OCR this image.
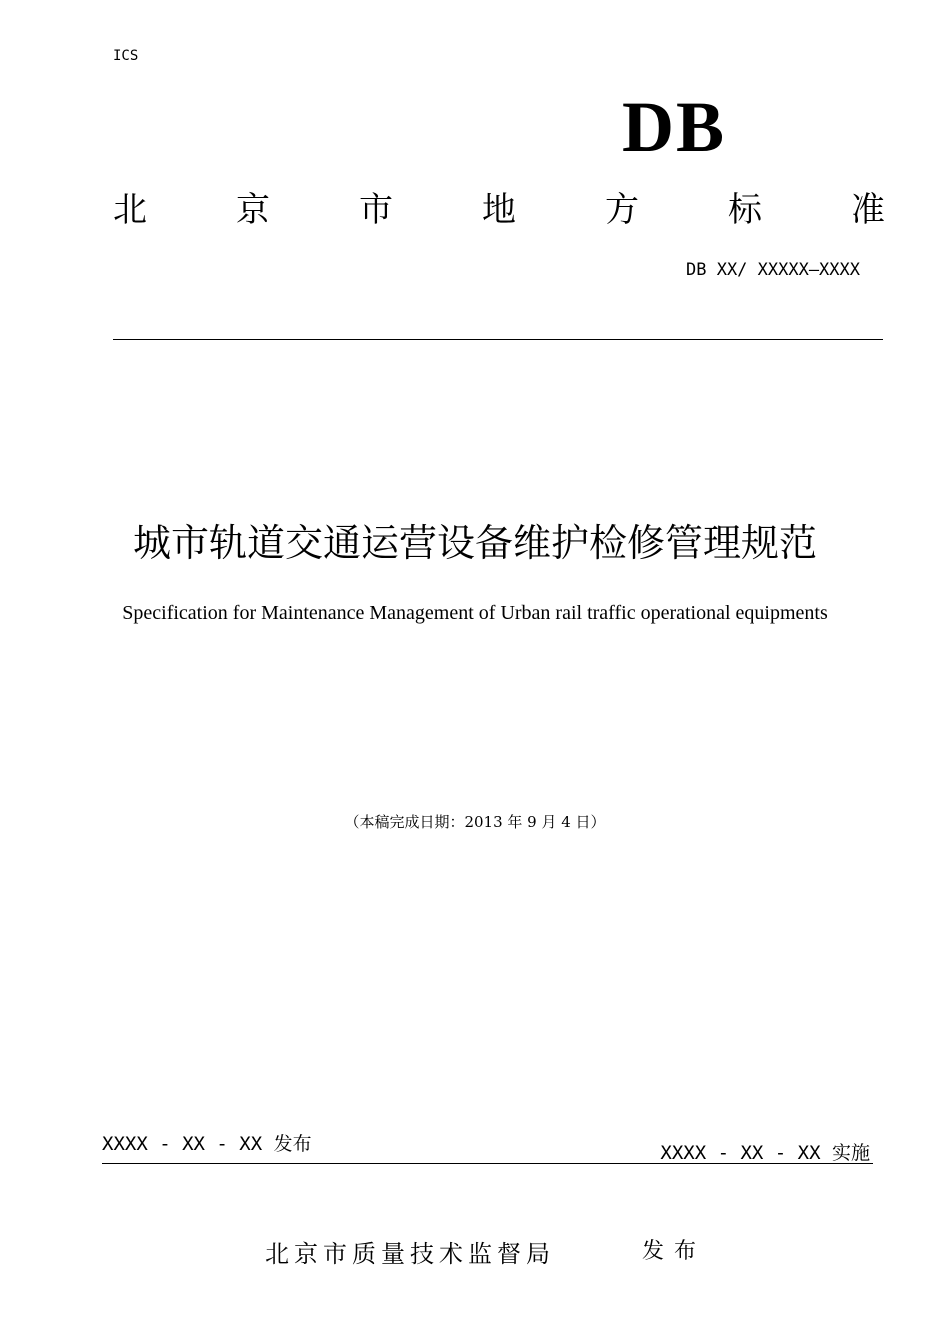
ICS
DB
北	京	市	地	方	标	准
DB XX/ XXXXX—XXXX
城市轨道交通运营设备维护检修管理规范
Specification for Maintenance Management of Urban rail traffic operational equipments
（本稿完成日期：2013 年 9 月 4 日）
XXXX - XX - XX 发布	XXXX - XX - XX 实施
北京市质量技术监督局	发布
